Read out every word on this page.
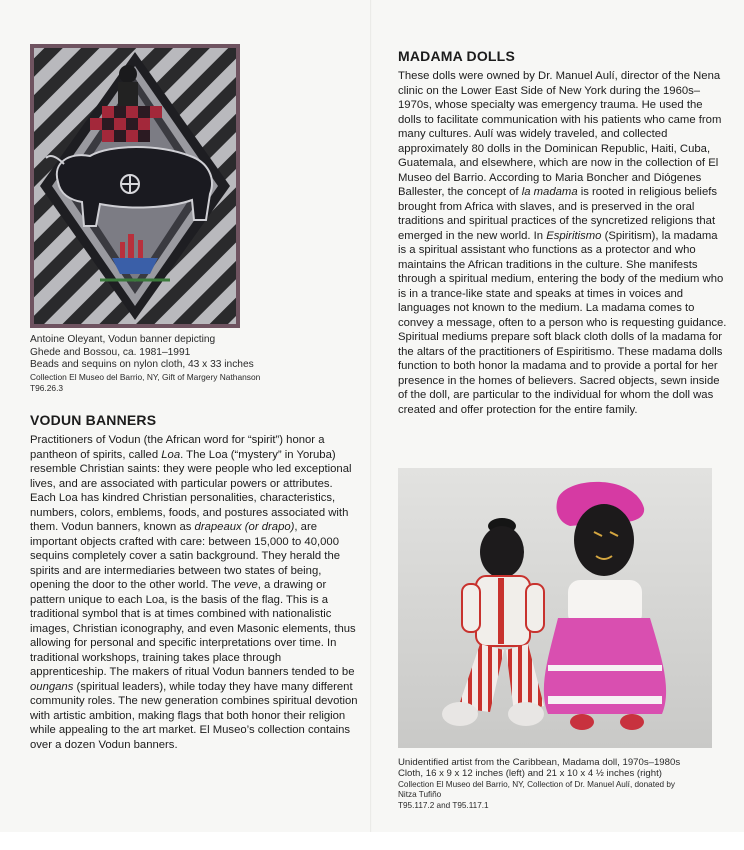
Antoine Oleyant, Vodun banner depicting
Ghede and Bossou, ca. 1981–1991
Beads and sequins on nylon cloth, 43 x 33 inches
Collection El Museo del Barrio, NY, Gift of Margery Nathanson
T96.26.3
VODUN BANNERS

Practitioners of Vodun (the African word for “spirit”) honor a pantheon of spirits, called Loa. The Loa (“mystery” in Yoruba) resemble Christian saints: they were people who led exceptional lives, and are associated with particular powers or attributes. Each Loa has kindred Christian personalities, characteristics, numbers, colors, emblems, foods, and postures associated with them. Vodun banners, known as drapeaux (or drapo), are important objects crafted with care: between 15,000 to 40,000 sequins completely cover a satin background. They herald the spirits and are intermediaries between two states of being, opening the door to the other world. The veve, a drawing or pattern unique to each Loa, is the basis of the flag. This is a traditional symbol that is at times combined with nationalistic images, Christian iconography, and even Masonic elements, thus allowing for personal and specific interpretations over time. In traditional workshops, training takes place through apprenticeship. The makers of ritual Vodun banners tended to be oungans (spiritual leaders), while today they have many different community roles. The new generation combines spiritual devotion with artistic ambition, making flags that both honor their religion while appealing to the art market. El Museo’s collection contains over a dozen Vodun banners.

MADAMA DOLLS

These dolls were owned by Dr. Manuel Aulí, director of the Nena clinic on the Lower East Side of New York during the 1960s–1970s, whose specialty was emergency trauma. He used the dolls to facilitate communication with his patients who came from many cultures. Aulí was widely traveled, and collected approximately 80 dolls in the Dominican Republic, Haiti, Cuba, Guatemala, and elsewhere, which are now in the collection of El Museo del Barrio. According to Maria Boncher and Diógenes Ballester, the concept of la madama is rooted in religious beliefs brought from Africa with slaves, and is preserved in the oral traditions and spiritual practices of the syncretized religions that emerged in the new world. In Espiritismo (Spiritism), la madama is a spiritual assistant who functions as a protector and who maintains the African traditions in the culture. She manifests through a spiritual medium, entering the body of the medium who is in a trance-like state and speaks at times in voices and languages not known to the medium. La madama comes to convey a message, often to a person who is requesting guidance. Spiritual mediums prepare soft black cloth dolls of la madama for the altars of the practitioners of Espiritismo. These madama dolls function to both honor la madama and to provide a portal for her presence in the homes of believers. Sacred objects, sewn inside of the doll, are particular to the individual for whom the doll was created and offer protection for the entire family.

Unidentified artist from the Caribbean, Madama doll, 1970s–1980s
Cloth, 16 x 9 x 12 inches (left) and 21 x 10 x 4 ½ inches (right)
Collection El Museo del Barrio, NY, Collection of Dr. Manuel Aulí, donated by
Nitza Tufiño
T95.117.2 and T95.117.1
